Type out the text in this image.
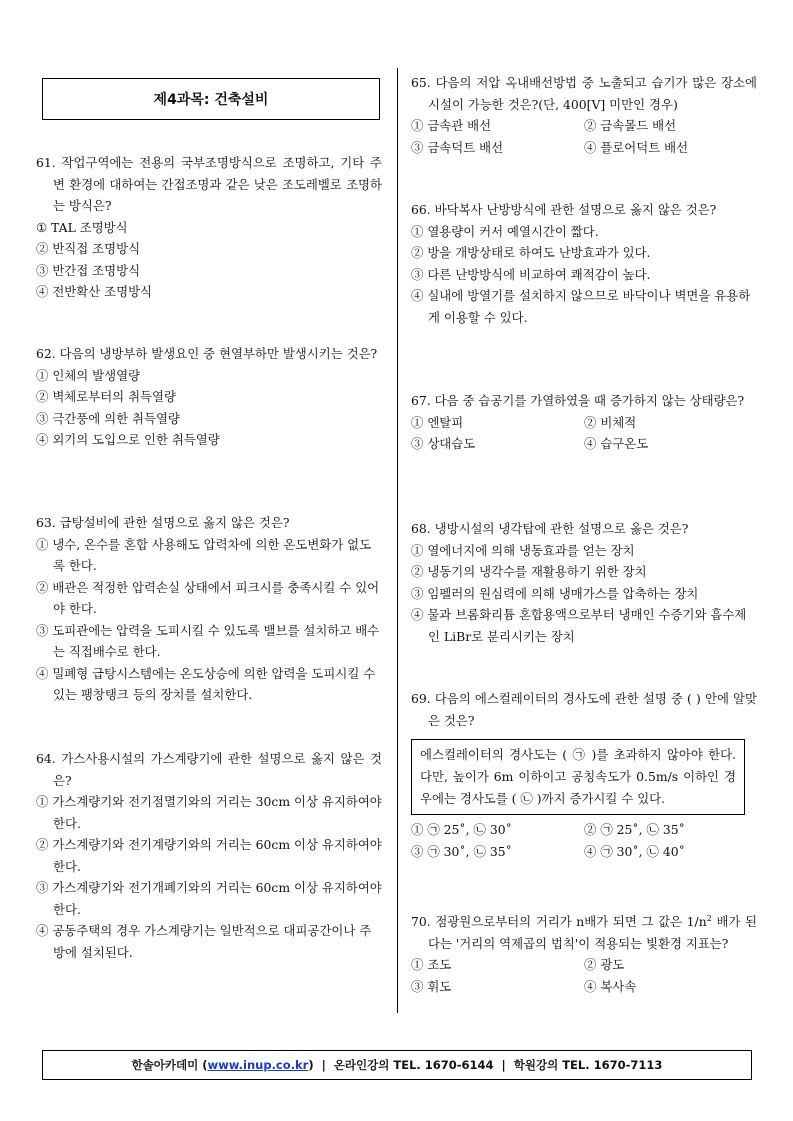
제4과목: 건축설비
61. 작업구역에는 전용의 국부조명방식으로 조명하고, 기타 주변 환경에 대하여는 간접조명과 같은 낮은 조도레벨로 조명하는 방식은?
① TAL 조명방식
② 반직접 조명방식
③ 반간접 조명방식
④ 전반확산 조명방식
62. 다음의 냉방부하 발생요인 중 현열부하만 발생시키는 것은?
① 인체의 발생열량
② 벽체로부터의 취득열량
③ 극간풍에 의한 취득열량
④ 외기의 도입으로 인한 취득열량
63. 급탕설비에 관한 설명으로 옳지 않은 것은?
① 냉수, 온수를 혼합 사용해도 압력차에 의한 온도변화가 없도록 한다.
② 배관은 적정한 압력손실 상태에서 피크시를 충족시킬 수 있어야 한다.
③ 도피관에는 압력을 도피시킬 수 있도록 밸브를 설치하고 배수는 직접배수로 한다.
④ 밀폐형 급탕시스템에는 온도상승에 의한 압력을 도피시킬 수 있는 팽창탱크 등의 장치를 설치한다.
64. 가스사용시설의 가스계량기에 관한 설명으로 옳지 않은 것은?
① 가스계량기와 전기점멸기와의 거리는 30cm 이상 유지하여야 한다.
② 가스계량기와 전기계량기와의 거리는 60cm 이상 유지하여야 한다.
③ 가스계량기와 전기개폐기와의 거리는 60cm 이상 유지하여야 한다.
④ 공동주택의 경우 가스계량기는 일반적으로 대피공간이나 주방에 설치된다.
65. 다음의 저압 옥내배선방법 중 노출되고 습기가 많은 장소에 시설이 가능한 것은?(단, 400[V] 미만인 경우)
① 금속관 배선	② 금속몰드 배선
③ 금속덕트 배선	④ 플로어덕트 배선
66. 바닥복사 난방방식에 관한 설명으로 옳지 않은 것은?
① 열용량이 커서 예열시간이 짧다.
② 방을 개방상태로 하여도 난방효과가 있다.
③ 다른 난방방식에 비교하여 쾌적감이 높다.
④ 실내에 방열기를 설치하지 않으므로 바닥이나 벽면을 유용하게 이용할 수 있다.
67. 다음 중 습공기를 가열하였을 때 증가하지 않는 상태량은?
① 엔탈피	② 비체적
③ 상대습도	④ 습구온도
68. 냉방시설의 냉각탑에 관한 설명으로 옳은 것은?
① 열에너지에 의해 냉동효과를 얻는 장치
② 냉동기의 냉각수를 재활용하기 위한 장치
③ 임펠러의 원심력에 의해 냉매가스를 압축하는 장치
④ 물과 브롬화리튬 혼합용액으로부터 냉매인 수증기와 흡수제인 LiBr로 분리시키는 장치
69. 다음의 에스컬레이터의 경사도에 관한 설명 중 ( ) 안에 알맞은 것은?
에스컬레이터의 경사도는 ( ㉠ )를 초과하지 않아야 한다. 다만, 높이가 6m 이하이고 공칭속도가 0.5m/s 이하인 경우에는 경사도를 ( ㉡ )까지 증가시킬 수 있다.
① ㉠ 25˚, ㉡ 30˚	② ㉠ 25˚, ㉡ 35˚
③ ㉠ 30˚, ㉡ 35˚	④ ㉠ 30˚, ㉡ 40˚
70. 점광원으로부터의 거리가 n배가 되면 그 값은 $1/n^2$ 배가 된다는 '거리의 역제곱의 법칙'이 적용되는 빛환경 지표는?
① 조도	② 광도
③ 휘도	④ 복사속
한솔아카데미 ( www.inup.co.kr )  |  온라인강의 TEL. 1670-6144  |  학원강의 TEL. 1670-7113
